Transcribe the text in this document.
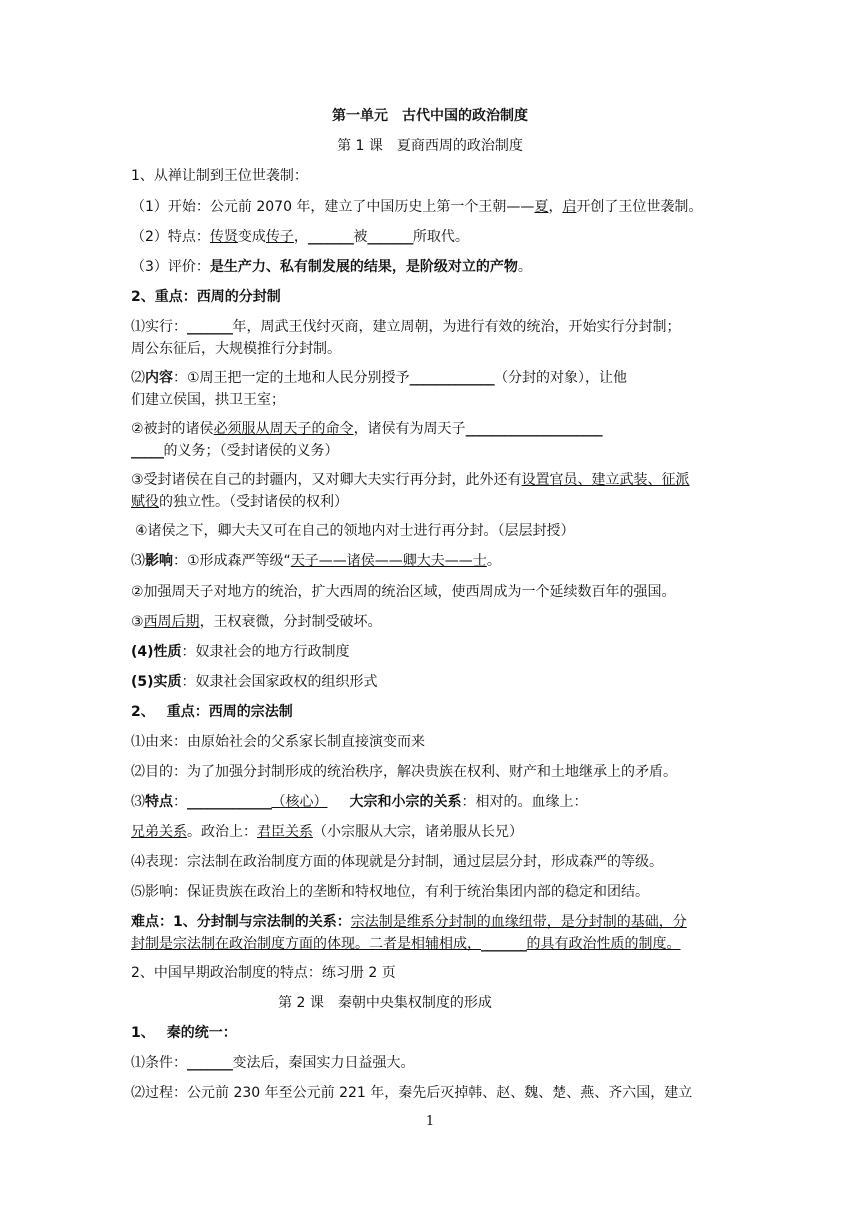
第一单元　古代中国的政治制度
第 1 课　夏商西周的政治制度
1、从禅让制到王位世袭制：
（1）开始：公元前 2070 年，建立了中国历史上第一个王朝——夏，启开创了王位世袭制。
（2）特点：传贤变成传子，_______被_______所取代。
（3）评价：是生产力、私有制发展的结果，是阶级对立的产物。
2、重点：西周的分封制
⑴实行：_______年，周武王伐纣灭商，建立周朝，为进行有效的统治，开始实行分封制；
周公东征后，大规模推行分封制。
⑵内容：①周王把一定的土地和人民分别授予_____________（分封的对象），让他
们建立侯国，拱卫王室；
②被封的诸侯必须服从周天子的命令，诸侯有为周天子_____________________
_____的义务；（受封诸侯的义务）
③受封诸侯在自己的封疆内，又对卿大夫实行再分封，此外还有设置官员、建立武装、征派
赋役的独立性。（受封诸侯的权利）
④诸侯之下，卿大夫又可在自己的领地内对士进行再分封。（层层封授）
⑶影响：①形成森严等级“天子——诸侯——卿大夫——士。
②加强周天子对地方的统治，扩大西周的统治区域，使西周成为一个延续数百年的强国。
③西周后期，王权衰微，分封制受破坏。
(4)性质：奴隶社会的地方行政制度
(5)实质：奴隶社会国家政权的组织形式
2、 重点：西周的宗法制
⑴由来：由原始社会的父系家长制直接演变而来
⑵目的：为了加强分封制形成的统治秩序，解决贵族在权利、财产和土地继承上的矛盾。
⑶特点：_____________（核心） 大宗和小宗的关系：相对的。血缘上：
兄弟关系。政治上：君臣关系（小宗服从大宗，诸弟服从长兄）
⑷表现：宗法制在政治制度方面的体现就是分封制，通过层层分封，形成森严的等级。
⑸影响：保证贵族在政治上的垄断和特权地位，有利于统治集团内部的稳定和团结。
难点：1、分封制与宗法制的关系：宗法制是维系分封制的血缘纽带，是分封制的基础，分
封制是宗法制在政治制度方面的体现。二者是相辅相成，_______的具有政治性质的制度。
2、中国早期政治制度的特点：练习册 2 页
第 2 课　秦朝中央集权制度的形成
1、 秦的统一：
⑴条件：_______变法后，秦国实力日益强大。
⑵过程：公元前 230 年至公元前 221 年，秦先后灭掉韩、赵、魏、楚、燕、齐六国，建立
1
